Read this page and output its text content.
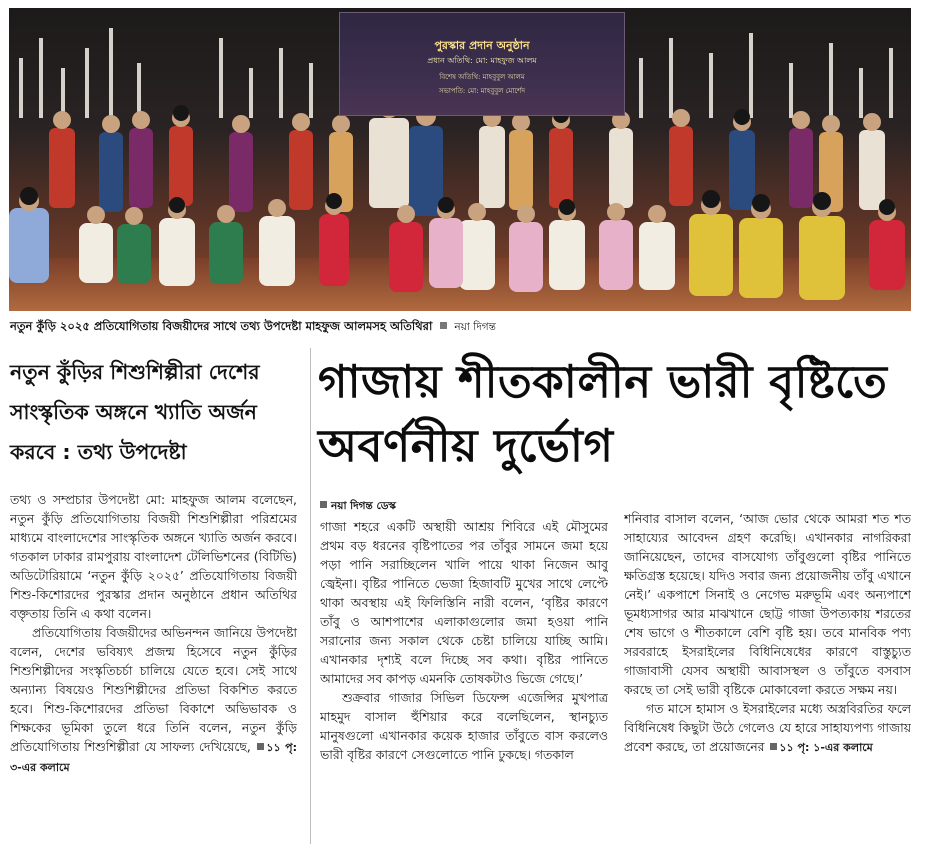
পুরস্কার প্রদান অনুষ্ঠান
প্রধান অতিথি: মো: মাহফুজ আলম
বিশেষ অতিথি: মাহবুবুল আলম
সভাপতি: মো: মাহবুবুল মোর্শেদ
নতুন কুঁড়ি ২০২৫ প্রতিযোগিতায় বিজয়ীদের সাথে তথ্য উপদেষ্টা মাহফুজ আলমসহ অতিথিরা নয়া দিগন্ত
নতুন কুঁড়ির শিশুশিল্পীরা দেশের সাংস্কৃতিক অঙ্গনে খ্যাতি অর্জন করবে : তথ্য উপদেষ্টা
গাজায় শীতকালীন ভারী বৃষ্টিতে অবর্ণনীয় দুর্ভোগ
নয়া দিগন্ত ডেস্ক

তথ্য ও সম্প্রচার উপদেষ্টা মো: মাহফুজ আলম বলেছেন, নতুন কুঁড়ি প্রতিযোগিতায় বিজয়ী শিশুশিল্পীরা পরিশ্রমের মাধ্যমে বাংলাদেশের সাংস্কৃতিক অঙ্গনে খ্যাতি অর্জন করবে। গতকাল ঢাকার রামপুরায় বাংলাদেশ টেলিভিশনের (বিটিভি) অডিটোরিয়ামে ‘নতুন কুঁড়ি ২০২৫’ প্রতিযোগিতায় বিজয়ী শিশু-কিশোরদের পুরস্কার প্রদান অনুষ্ঠানে প্রধান অতিথির বক্তৃতায় তিনি এ কথা বলেন।

প্রতিযোগিতায় বিজয়ীদের অভিনন্দন জানিয়ে উপদেষ্টা বলেন, দেশের ভবিষ্যৎ প্রজন্ম হিসেবে নতুন কুঁড়ির শিশুশিল্পীদের সংস্কৃতিচর্চা চালিয়ে যেতে হবে। সেই সাথে অন্যান্য বিষয়েও শিশুশিল্পীদের প্রতিভা বিকশিত করতে হবে। শিশু-কিশোরদের প্রতিভা বিকাশে অভিভাবক ও শিক্ষকের ভূমিকা তুলে ধরে তিনি বলেন, নতুন কুঁড়ি প্রতিযোগিতায় শিশুশিল্পীরা যে সাফল্য দেখিয়েছে, ১১ পৃ: ৩-এর কলামে

গাজা শহরে একটি অস্থায়ী আশ্রয় শিবিরে এই মৌসুমের প্রথম বড় ধরনের বৃষ্টিপাতের পর তাঁবুর সামনে জমা হয়ে পড়া পানি সরাচ্ছিলেন খালি পায়ে থাকা নিজেন আবু জ্বেইনা। বৃষ্টির পানিতে ভেজা হিজাবটি মুখের সাথে লেপ্টে থাকা অবস্থায় এই ফিলিস্তিনি নারী বলেন, ‘বৃষ্টির কারণে তাঁবু ও আশপাশের এলাকাগুলোর জমা হওয়া পানি সরানোর জন্য সকাল থেকে চেষ্টা চালিয়ে যাচ্ছি আমি। এখানকার দৃশ্যই বলে দিচ্ছে সব কথা। বৃষ্টির পানিতে আমাদের সব কাপড় এমনকি তোষকটাও ভিজে গেছে।’

শুক্রবার গাজার সিভিল ডিফেন্স এজেন্সির মুখপাত্র মাহমুদ বাসাল হুঁশিয়ার করে বলেছিলেন, স্থানচ্যুত মানুষগুলো এখানকার কয়েক হাজার তাঁবুতে বাস করলেও ভারী বৃষ্টির কারণে সেগুলোতে পানি ঢুকছে। গতকাল

শনিবার বাসাল বলেন, ‘আজ ভোর থেকে আমরা শত শত সাহায্যের আবেদন গ্রহণ করেছি। এখানকার নাগরিকরা জানিয়েছেন, তাদের বাসযোগ্য তাঁবুগুলো বৃষ্টির পানিতে ক্ষতিগ্রস্ত হয়েছে। যদিও সবার জন্য প্রয়োজনীয় তাঁবু এখানে নেই।’ একপাশে সিনাই ও নেগেভ মরুভূমি এবং অন্যপাশে ভূমধ্যসাগর আর মাঝখানে ছোট্ট গাজা উপত্যকায় শরতের শেষ ভাগে ও শীতকালে বেশি বৃষ্টি হয়। তবে মানবিক পণ্য সরবরাহে ইসরাইলের বিধিনিষেধের কারণে বাস্তুচ্যুত গাজাবাসী যেসব অস্থায়ী আবাসস্থল ও তাঁবুতে বসবাস করছে তা সেই ভারী বৃষ্টিকে মোকাবেলা করতে সক্ষম নয়।

গত মাসে হামাস ও ইসরাইলের মধ্যে অস্ত্রবিরতির ফলে বিধিনিষেধ কিছুটা উঠে গেলেও যে হারে সাহায্যপণ্য গাজায় প্রবেশ করছে, তা প্রয়োজনের ১১ পৃ: ১-এর কলামে
